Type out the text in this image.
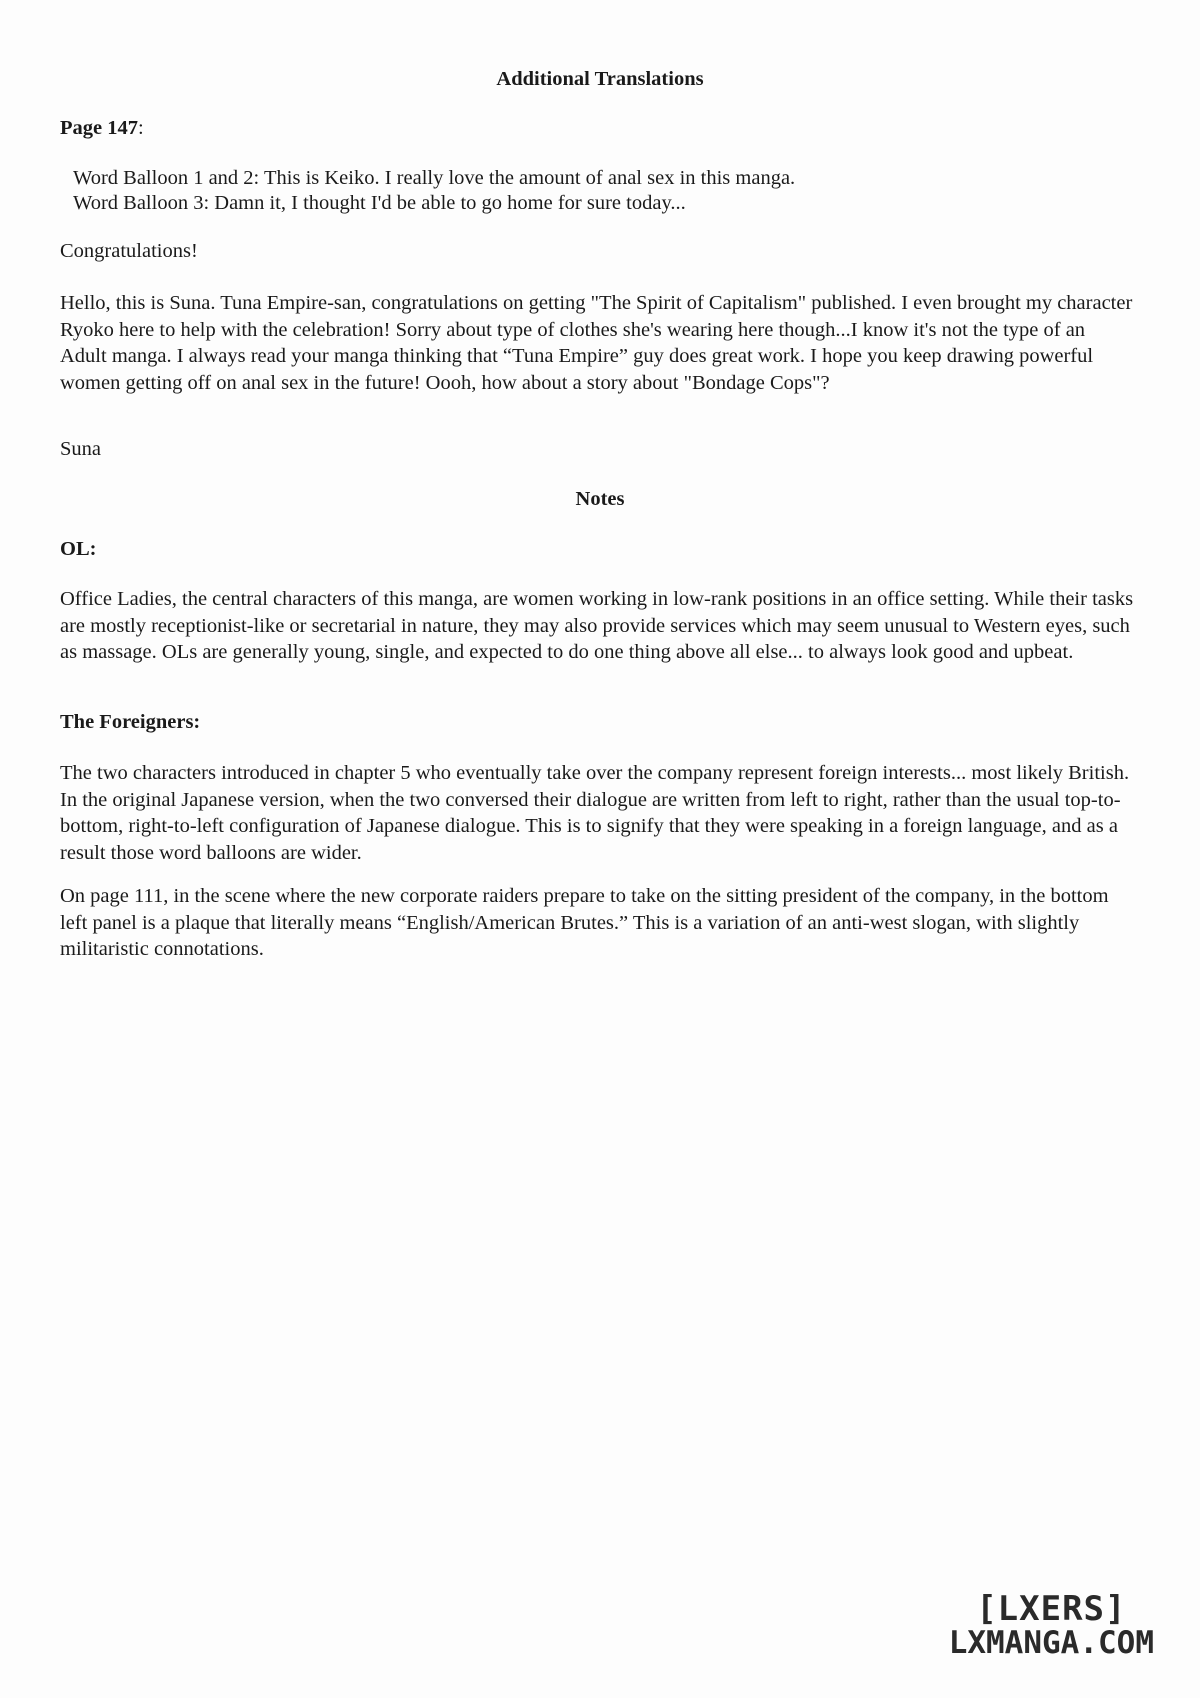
Additional Translations

Page 147:

Word Balloon 1 and 2: This is Keiko. I really love the amount of anal sex in this manga.

Word Balloon 3: Damn it, I thought I'd be able to go home for sure today...

Congratulations!

Hello, this is Suna. Tuna Empire-san, congratulations on getting "The Spirit of Capitalism" published. I even brought my character Ryoko here to help with the celebration! Sorry about type of clothes she's wearing here though...I know it's not the type of an Adult manga. I always read your manga thinking that “Tuna Empire” guy does great work. I hope you keep drawing powerful women getting off on anal sex in the future! Oooh, how about a story about "Bondage Cops"?

Suna

Notes

OL:

Office Ladies, the central characters of this manga, are women working in low-rank positions in an office setting. While their tasks are mostly receptionist-like or secretarial in nature, they may also provide services which may seem unusual to Western eyes, such as massage. OLs are generally young, single, and expected to do one thing above all else... to always look good and upbeat.

The Foreigners:

The two characters introduced in chapter 5 who eventually take over the company represent foreign interests... most likely British. In the original Japanese version, when the two conversed their dialogue are written from left to right, rather than the usual top-to-bottom, right-to-left configuration of Japanese dialogue. This is to signify that they were speaking in a foreign language, and as a result those word balloons are wider.

On page 111, in the scene where the new corporate raiders prepare to take on the sitting president of the company, in the bottom left panel is a plaque that literally means “English/American Brutes.” This is a variation of an anti-west slogan, with slightly militaristic connotations.

[LXERS]
LXMANGA.COM
